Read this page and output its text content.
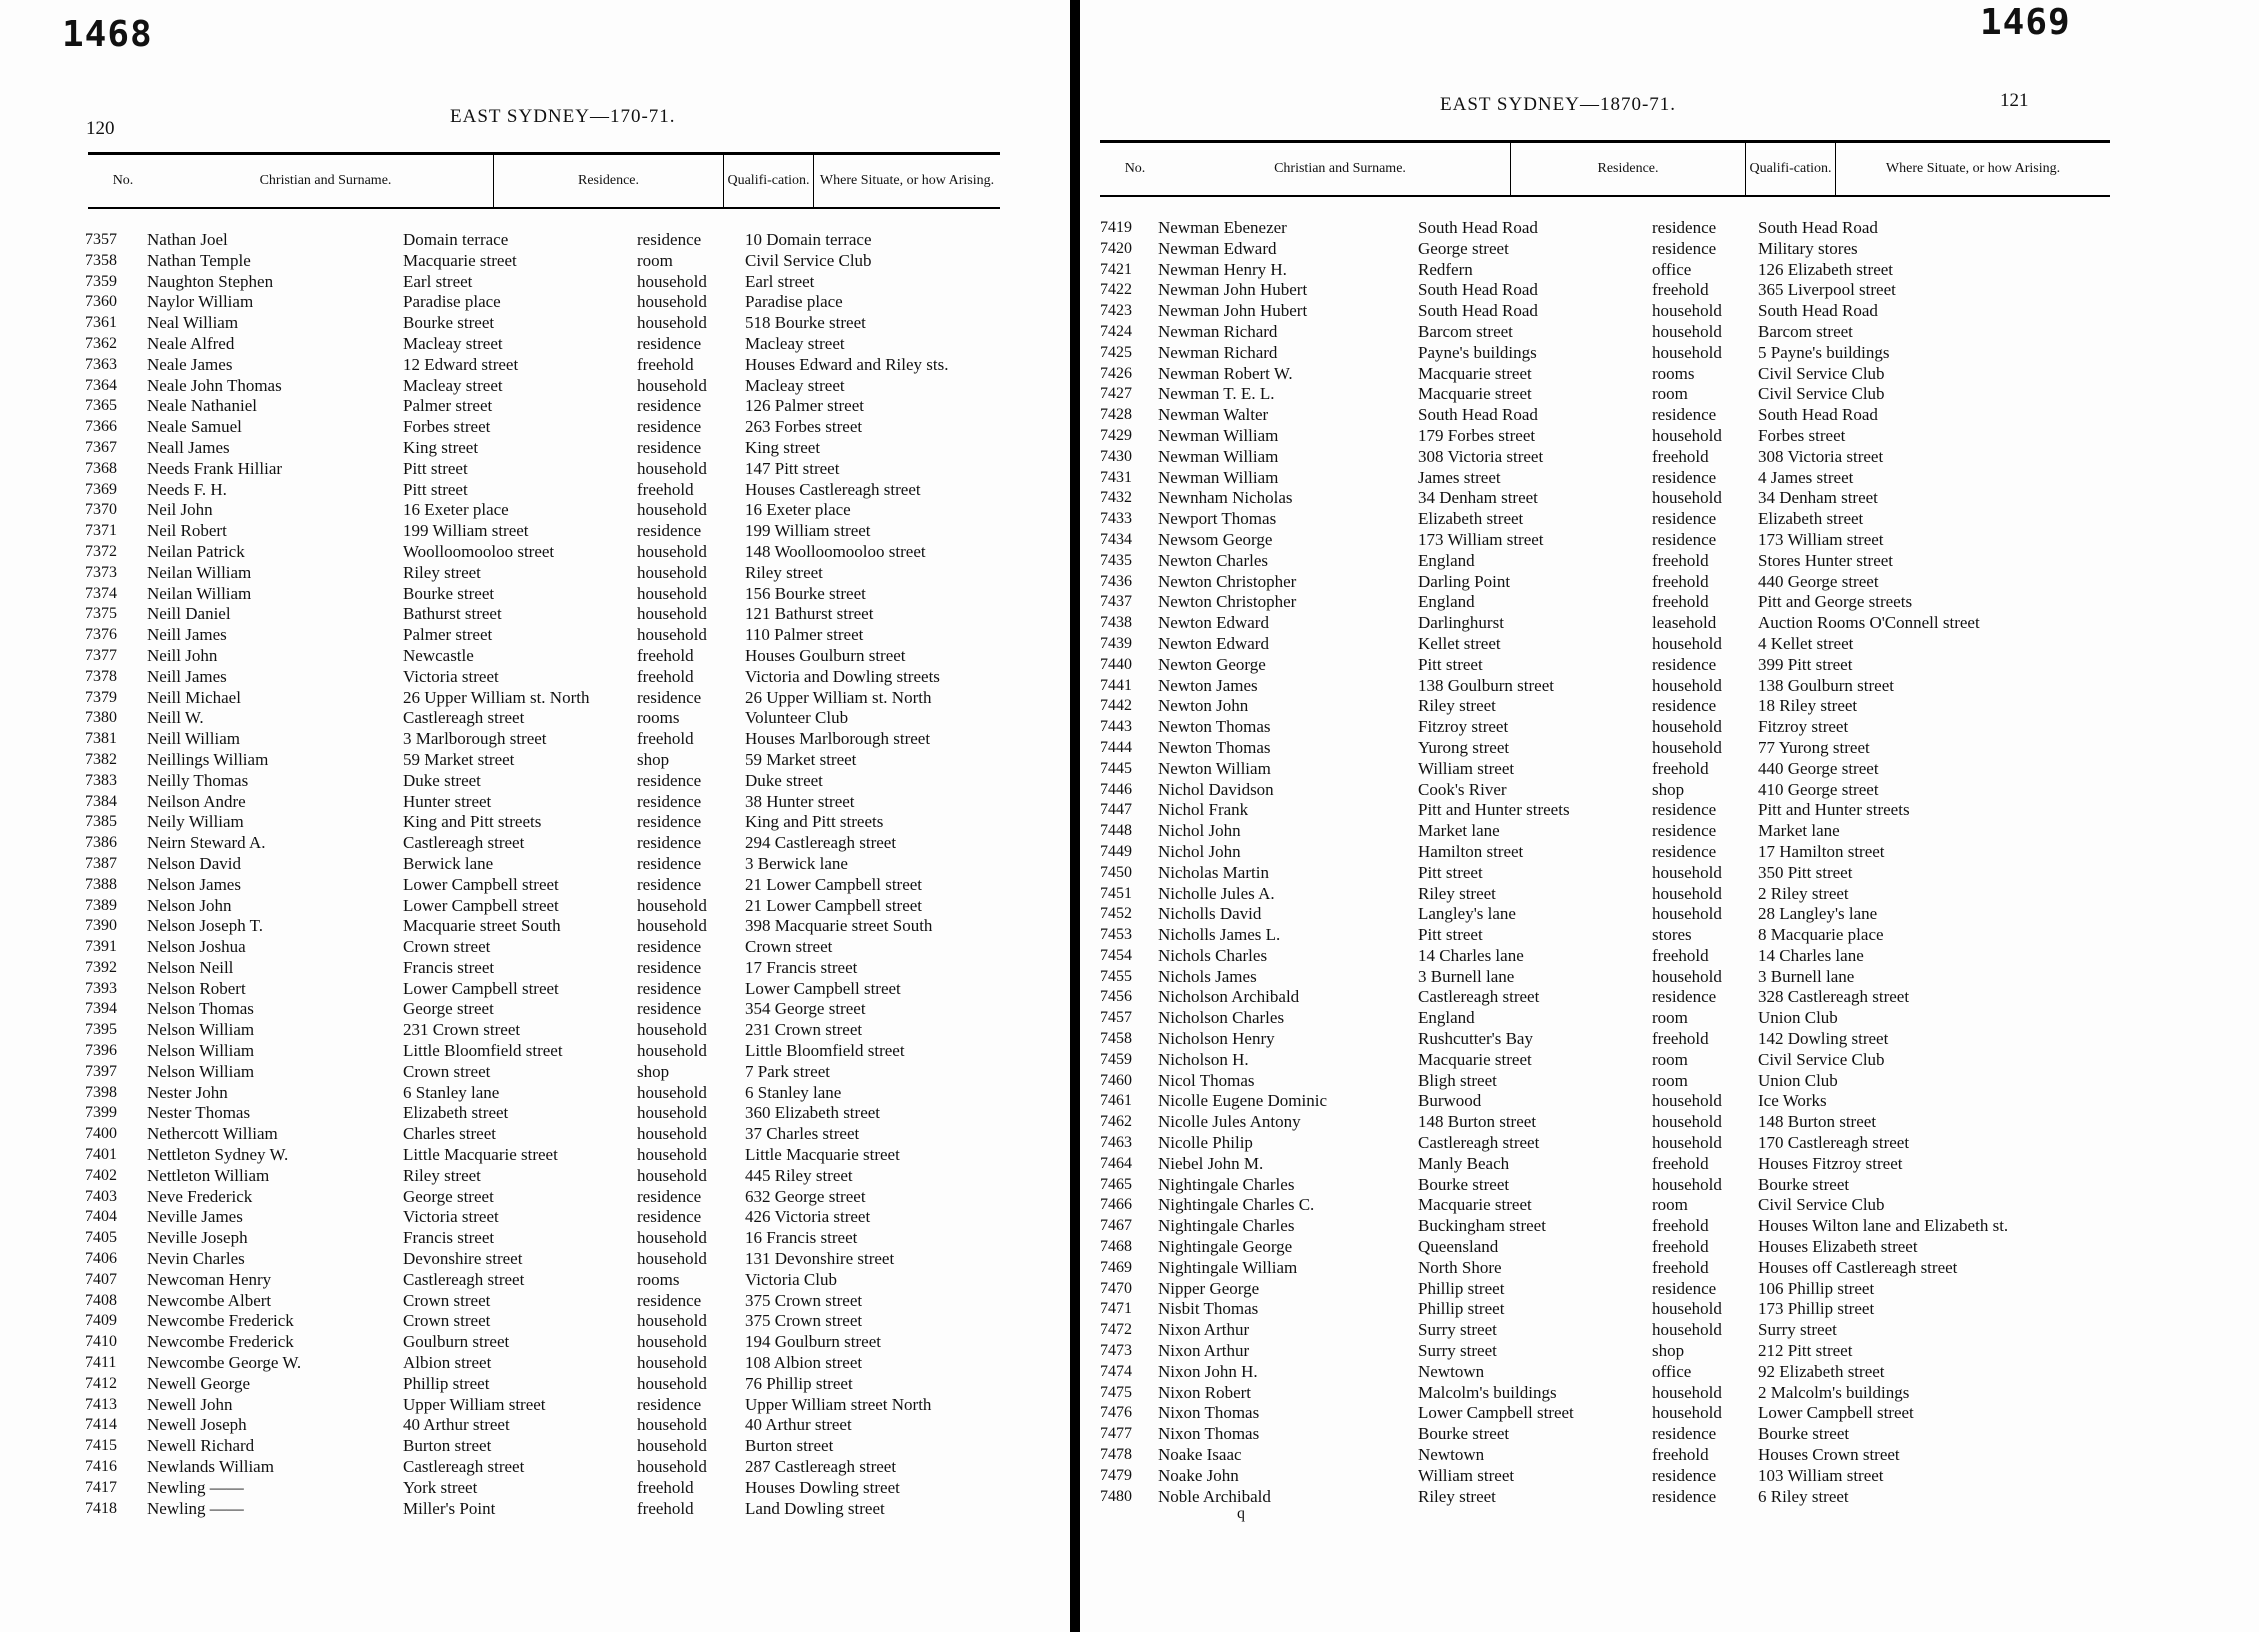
1468
120
EAST SYDNEY—170-71.
No.	Christian and Surname.	Residence.	Qualifi-cation. Where Situate, or how Arising.
7357 Nathan Joel	Domain terrace	residence	10 Domain terrace
7358 Nathan Temple	Macquarie street	room	Civil Service Club
7359 Naughton Stephen	Earl street	household Earl street
7360 Naylor William	Paradise place	household Paradise place
7361 Neal William	Bourke street	household 518 Bourke street
7362 Neale Alfred	Macleay street	residence	Macleay street
7363 Neale James	12 Edward street	freehold	Houses Edward and Riley sts.
7364 Neale John Thomas	Macleay street	household Macleay street
7365 Neale Nathaniel	Palmer street	residence	126 Palmer street
7366 Neale Samuel	Forbes street	residence	263 Forbes street
7367 Neall James	King street	residence	King street
7368 Needs Frank Hilliar	Pitt street	household 147 Pitt street
7369 Needs F. H.	Pitt street	freehold	Houses Castlereagh street
7370 Neil John	16 Exeter place	household 16 Exeter place
7371 Neil Robert	199 William street	residence	199 William street
7372 Neilan Patrick	Woolloomooloo street	household 148 Woolloomooloo street
7373 Neilan William	Riley street	household Riley street
7374 Neilan William	Bourke street	household 156 Bourke street
7375 Neill Daniel	Bathurst street	household 121 Bathurst street
7376 Neill James	Palmer street	household 110 Palmer street
7377 Neill John	Newcastle	freehold	Houses Goulburn street
7378 Neill James	Victoria street	freehold	Victoria and Dowling streets
7379 Neill Michael	26 Upper William st. North	residence	26 Upper William st. North
7380 Neill W.	Castlereagh street	rooms	Volunteer Club
7381 Neill William	3 Marlborough street	freehold	Houses Marlborough street
7382 Neillings William	59 Market street	shop	59 Market street
7383 Neilly Thomas	Duke street	residence	Duke street
7384 Neilson Andre	Hunter street	residence	38 Hunter street
7385 Neily William	King and Pitt streets	residence	King and Pitt streets
7386 Neirn Steward A.	Castlereagh street	residence	294 Castlereagh street
7387 Nelson David	Berwick lane	residence	3 Berwick lane
7388 Nelson James	Lower Campbell street	residence	21 Lower Campbell street
7389 Nelson John	Lower Campbell street	household 21 Lower Campbell street
7390 Nelson Joseph T.	Macquarie street South	household 398 Macquarie street South
7391 Nelson Joshua	Crown street	residence	Crown street
7392 Nelson Neill	Francis street	residence	17 Francis street
7393 Nelson Robert	Lower Campbell street	residence	Lower Campbell street
7394 Nelson Thomas	George street	residence	354 George street
7395 Nelson William	231 Crown street	household 231 Crown street
7396 Nelson William	Little Bloomfield street	household Little Bloomfield street
7397 Nelson William	Crown street	shop	7 Park street
7398 Nester John	6 Stanley lane	household 6 Stanley lane
7399 Nester Thomas	Elizabeth street	household 360 Elizabeth street
7400 Nethercott William	Charles street	household 37 Charles street
7401 Nettleton Sydney W.	Little Macquarie street	household Little Macquarie street
7402 Nettleton William	Riley street	household 445 Riley street
7403 Neve Frederick	George street	residence	632 George street
7404 Neville James	Victoria street	residence	426 Victoria street
7405 Neville Joseph	Francis street	household 16 Francis street
7406 Nevin Charles	Devonshire street	household 131 Devonshire street
7407 Newcoman Henry	Castlereagh street	rooms	Victoria Club
7408 Newcombe Albert	Crown street	residence	375 Crown street
7409 Newcombe Frederick	Crown street	household 375 Crown street
7410 Newcombe Frederick	Goulburn street	household 194 Goulburn street
7411 Newcombe George W.	Albion street	household 108 Albion street
7412 Newell George	Phillip street	household 76 Phillip street
7413 Newell John	Upper William street	residence	Upper William street North
7414 Newell Joseph	40 Arthur street	household 40 Arthur street
7415 Newell Richard	Burton street	household Burton street
7416 Newlands William	Castlereagh street	household 287 Castlereagh street
7417 Newling ——	York street	freehold	Houses Dowling street
7418 Newling ——	Miller's Point	freehold	Land Dowling street
1469
121
EAST SYDNEY—1870-71.
No.	Christian and Surname.	Residence.	Qualifi-cation.	Where Situate, or how Arising.
7419 Newman Ebenezer	South Head Road	residence South Head Road
7420 Newman Edward	George street	residence Military stores
7421 Newman Henry H.	Redfern	office	126 Elizabeth street
7422 Newman John Hubert	South Head Road	freehold	365 Liverpool street
7423 Newman John Hubert	South Head Road	household South Head Road
7424 Newman Richard	Barcom street	household Barcom street
7425 Newman Richard	Payne's buildings	household 5 Payne's buildings
7426 Newman Robert W.	Macquarie street	rooms	Civil Service Club
7427 Newman T. E. L.	Macquarie street	room	Civil Service Club
7428 Newman Walter	South Head Road	residence South Head Road
7429 Newman William	179 Forbes street	household Forbes street
7430 Newman William	308 Victoria street	freehold	308 Victoria street
7431 Newman William	James street	residence 4 James street
7432 Newnham Nicholas	34 Denham street	household 34 Denham street
7433 Newport Thomas	Elizabeth street	residence Elizabeth street
7434 Newsom George	173 William street	residence 173 William street
7435 Newton Charles	England	freehold	Stores Hunter street
7436 Newton Christopher	Darling Point	freehold	440 George street
7437 Newton Christopher	England	freehold	Pitt and George streets
7438 Newton Edward	Darlinghurst	leasehold Auction Rooms O'Connell street
7439 Newton Edward	Kellet street	household 4 Kellet street
7440 Newton George	Pitt street	residence 399 Pitt street
7441 Newton James	138 Goulburn street	household 138 Goulburn street
7442 Newton John	Riley street	residence 18 Riley street
7443 Newton Thomas	Fitzroy street	household Fitzroy street
7444 Newton Thomas	Yurong street	household 77 Yurong street
7445 Newton William	William street	freehold	440 George street
7446 Nichol Davidson	Cook's River	shop	410 George street
7447 Nichol Frank	Pitt and Hunter streets	residence Pitt and Hunter streets
7448 Nichol John	Market lane	residence Market lane
7449 Nichol John	Hamilton street	residence 17 Hamilton street
7450 Nicholas Martin	Pitt street	household 350 Pitt street
7451 Nicholle Jules A.	Riley street	household 2 Riley street
7452 Nicholls David	Langley's lane	household 28 Langley's lane
7453 Nicholls James L.	Pitt street	stores	8 Macquarie place
7454 Nichols Charles	14 Charles lane	freehold	14 Charles lane
7455 Nichols James	3 Burnell lane	household 3 Burnell lane
7456 Nicholson Archibald	Castlereagh street	residence 328 Castlereagh street
7457 Nicholson Charles	England	room	Union Club
7458 Nicholson Henry	Rushcutter's Bay	freehold	142 Dowling street
7459 Nicholson H.	Macquarie street	room	Civil Service Club
7460 Nicol Thomas	Bligh street	room	Union Club
7461 Nicolle Eugene Dominic	Burwood	household Ice Works
7462 Nicolle Jules Antony	148 Burton street	household 148 Burton street
7463 Nicolle Philip	Castlereagh street	household 170 Castlereagh street
7464 Niebel John M.	Manly Beach	freehold	Houses Fitzroy street
7465 Nightingale Charles	Bourke street	household Bourke street
7466 Nightingale Charles C.	Macquarie street	room	Civil Service Club
7467 Nightingale Charles	Buckingham street	freehold	Houses Wilton lane and Elizabeth st.
7468 Nightingale George	Queensland	freehold	Houses Elizabeth street
7469 Nightingale William	North Shore	freehold	Houses off Castlereagh street
7470 Nipper George	Phillip street	residence 106 Phillip street
7471 Nisbit Thomas	Phillip street	household 173 Phillip street
7472 Nixon Arthur	Surry street	household Surry street
7473 Nixon Arthur	Surry street	shop	212 Pitt street
7474 Nixon John H.	Newtown	office	92 Elizabeth street
7475 Nixon Robert	Malcolm's buildings	household 2 Malcolm's buildings
7476 Nixon Thomas	Lower Campbell street	household Lower Campbell street
7477 Nixon Thomas	Bourke street	residence Bourke street
7478 Noake Isaac	Newtown	freehold	Houses Crown street
7479 Noake John	William street	residence 103 William street
7480 Noble Archibald	Riley street	residence 6 Riley street
q
